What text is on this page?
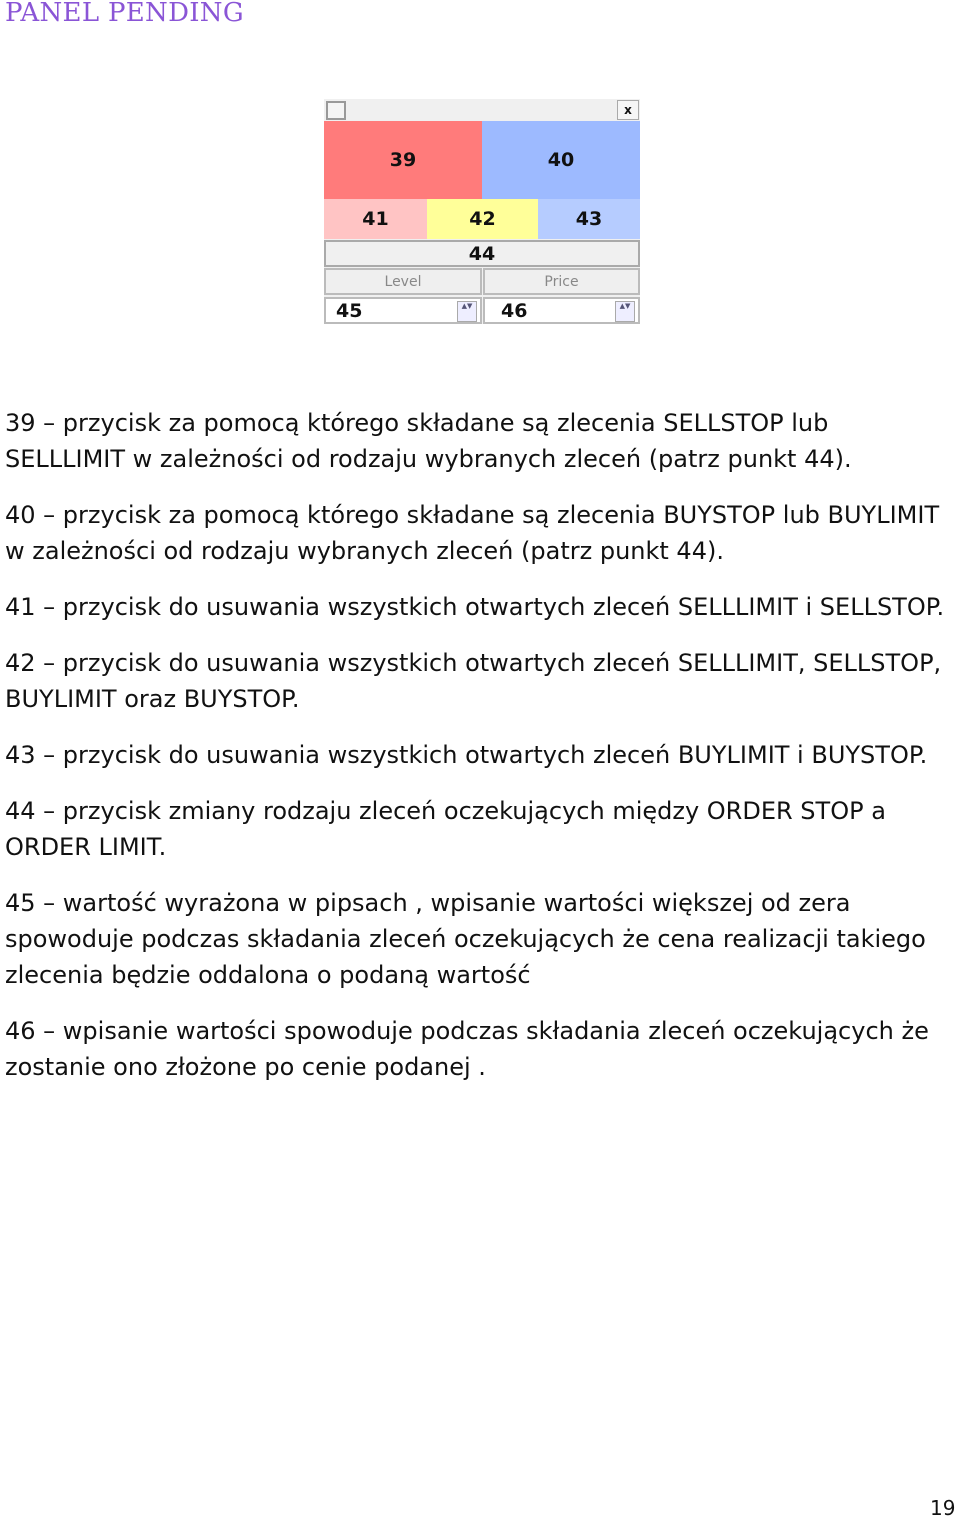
PANEL PENDING
x
39	40
41	42	43
44
Level	Price
45	▲▼ 46	▲▼

39 – przycisk za pomocą którego składane są zlecenia SELLSTOP lub SELLLIMIT w zależności od rodzaju wybranych zleceń (patrz punkt 44).

40 – przycisk za pomocą którego składane są zlecenia BUYSTOP lub BUYLIMIT w zależności od rodzaju wybranych zleceń (patrz punkt 44).

41 – przycisk do usuwania wszystkich otwartych zleceń SELLLIMIT i SELLSTOP.

42 – przycisk do usuwania wszystkich otwartych zleceń SELLLIMIT, SELLSTOP, BUYLIMIT oraz BUYSTOP.

43 – przycisk do usuwania wszystkich otwartych zleceń BUYLIMIT i BUYSTOP.

44 – przycisk zmiany rodzaju zleceń oczekujących między ORDER STOP a ORDER LIMIT.

45 – wartość wyrażona w pipsach , wpisanie wartości większej od zera spowoduje podczas składania zleceń oczekujących że cena realizacji takiego zlecenia będzie oddalona o podaną wartość

46 – wpisanie wartości spowoduje podczas składania zleceń oczekujących że zostanie ono złożone po cenie podanej .

19
